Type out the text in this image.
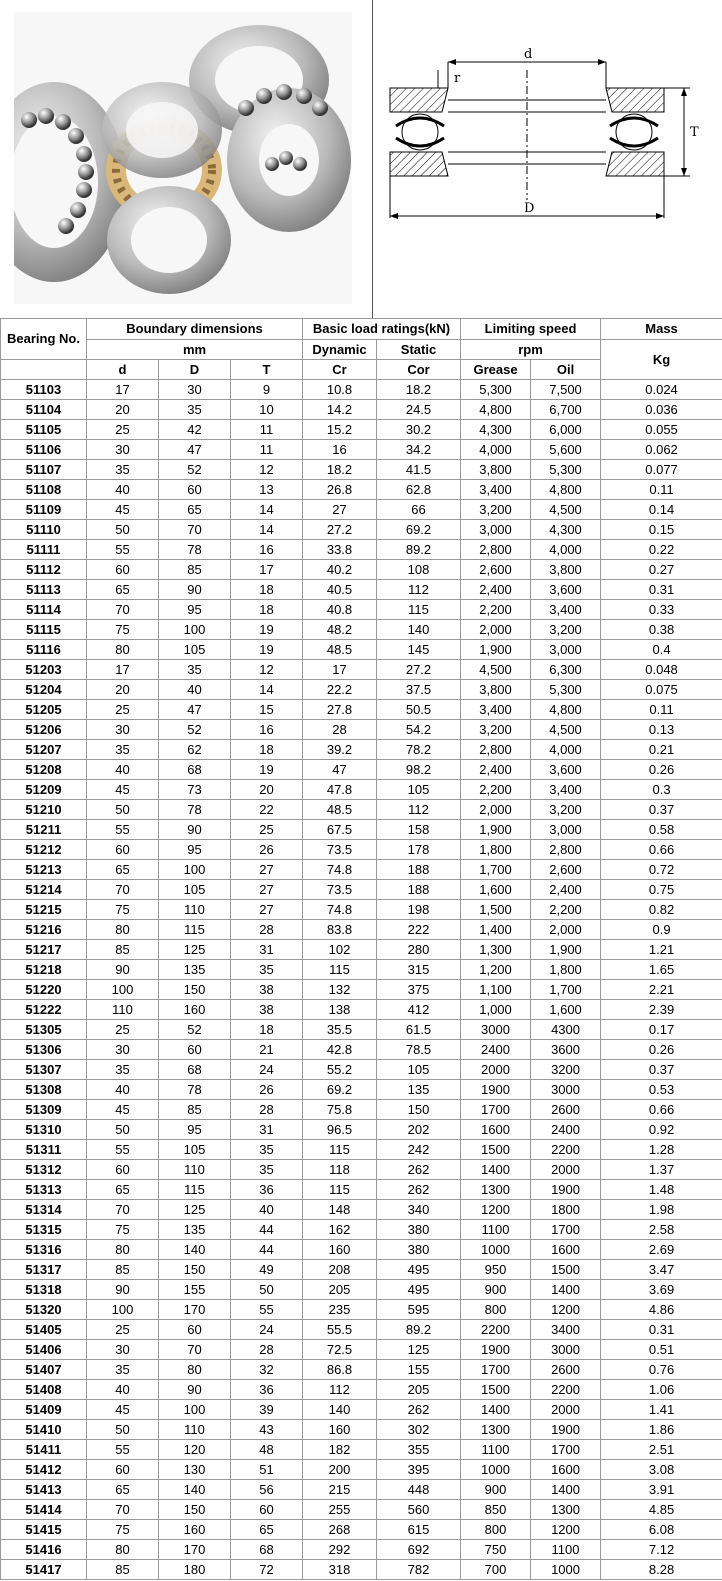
d
r
T
D
Bearing No.	Boundary dimensions			Basic load ratings(kN)		Limiting speed		Mass
	mm			Dynamic	Static	rpm		Kg
	d	D	T	Cr	Cor	Grease	Oil	
51103	17	30	9	10.8	18.2	5,300	7,500	0.024
51104	20	35	10	14.2	24.5	4,800	6,700	0.036
51105	25	42	11	15.2	30.2	4,300	6,000	0.055
51106	30	47	11	16	34.2	4,000	5,600	0.062
51107	35	52	12	18.2	41.5	3,800	5,300	0.077
51108	40	60	13	26.8	62.8	3,400	4,800	0.11
51109	45	65	14	27	66	3,200	4,500	0.14
51110	50	70	14	27.2	69.2	3,000	4,300	0.15
51111	55	78	16	33.8	89.2	2,800	4,000	0.22
51112	60	85	17	40.2	108	2,600	3,800	0.27
51113	65	90	18	40.5	112	2,400	3,600	0.31
51114	70	95	18	40.8	115	2,200	3,400	0.33
51115	75	100	19	48.2	140	2,000	3,200	0.38
51116	80	105	19	48.5	145	1,900	3,000	0.4
51203	17	35	12	17	27.2	4,500	6,300	0.048
51204	20	40	14	22.2	37.5	3,800	5,300	0.075
51205	25	47	15	27.8	50.5	3,400	4,800	0.11
51206	30	52	16	28	54.2	3,200	4,500	0.13
51207	35	62	18	39.2	78.2	2,800	4,000	0.21
51208	40	68	19	47	98.2	2,400	3,600	0.26
51209	45	73	20	47.8	105	2,200	3,400	0.3
51210	50	78	22	48.5	112	2,000	3,200	0.37
51211	55	90	25	67.5	158	1,900	3,000	0.58
51212	60	95	26	73.5	178	1,800	2,800	0.66
51213	65	100	27	74.8	188	1,700	2,600	0.72
51214	70	105	27	73.5	188	1,600	2,400	0.75
51215	75	110	27	74.8	198	1,500	2,200	0.82
51216	80	115	28	83.8	222	1,400	2,000	0.9
51217	85	125	31	102	280	1,300	1,900	1.21
51218	90	135	35	115	315	1,200	1,800	1.65
51220	100	150	38	132	375	1,100	1,700	2.21
51222	110	160	38	138	412	1,000	1,600	2.39
51305	25	52	18	35.5	61.5	3000	4300	0.17
51306	30	60	21	42.8	78.5	2400	3600	0.26
51307	35	68	24	55.2	105	2000	3200	0.37
51308	40	78	26	69.2	135	1900	3000	0.53
51309	45	85	28	75.8	150	1700	2600	0.66
51310	50	95	31	96.5	202	1600	2400	0.92
51311	55	105	35	115	242	1500	2200	1.28
51312	60	110	35	118	262	1400	2000	1.37
51313	65	115	36	115	262	1300	1900	1.48
51314	70	125	40	148	340	1200	1800	1.98
51315	75	135	44	162	380	1100	1700	2.58
51316	80	140	44	160	380	1000	1600	2.69
51317	85	150	49	208	495	950	1500	3.47
51318	90	155	50	205	495	900	1400	3.69
51320	100	170	55	235	595	800	1200	4.86
51405	25	60	24	55.5	89.2	2200	3400	0.31
51406	30	70	28	72.5	125	1900	3000	0.51
51407	35	80	32	86.8	155	1700	2600	0.76
51408	40	90	36	112	205	1500	2200	1.06
51409	45	100	39	140	262	1400	2000	1.41
51410	50	110	43	160	302	1300	1900	1.86
51411	55	120	48	182	355	1100	1700	2.51
51412	60	130	51	200	395	1000	1600	3.08
51413	65	140	56	215	448	900	1400	3.91
51414	70	150	60	255	560	850	1300	4.85
51415	75	160	65	268	615	800	1200	6.08
51416	80	170	68	292	692	750	1100	7.12
51417	85	180	72	318	782	700	1000	8.28
